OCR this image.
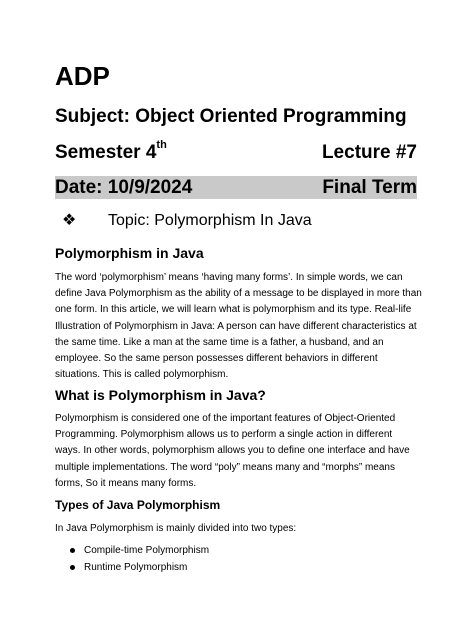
ADP
Subject: Object Oriented Programming
Semester 4th	Lecture #7
Date: 10/9/2024	Final Term
❖	Topic: Polymorphism In Java
Polymorphism in Java
The word ‘polymorphism’ means ‘having many forms’. In simple words, we can
define Java Polymorphism as the ability of a message to be displayed in more than
one form. In this article, we will learn what is polymorphism and its type. Real-life
Illustration of Polymorphism in Java: A person can have different characteristics at
the same time. Like a man at the same time is a father, a husband, and an
employee. So the same person possesses different behaviors in different
situations. This is called polymorphism.
What is Polymorphism in Java?
Polymorphism is considered one of the important features of Object-Oriented
Programming. Polymorphism allows us to perform a single action in different
ways. In other words, polymorphism allows you to define one interface and have
multiple implementations. The word “poly” means many and “morphs” means
forms, So it means many forms.
Types of Java Polymorphism
In Java Polymorphism is mainly divided into two types:
Compile-time Polymorphism
Runtime Polymorphism
